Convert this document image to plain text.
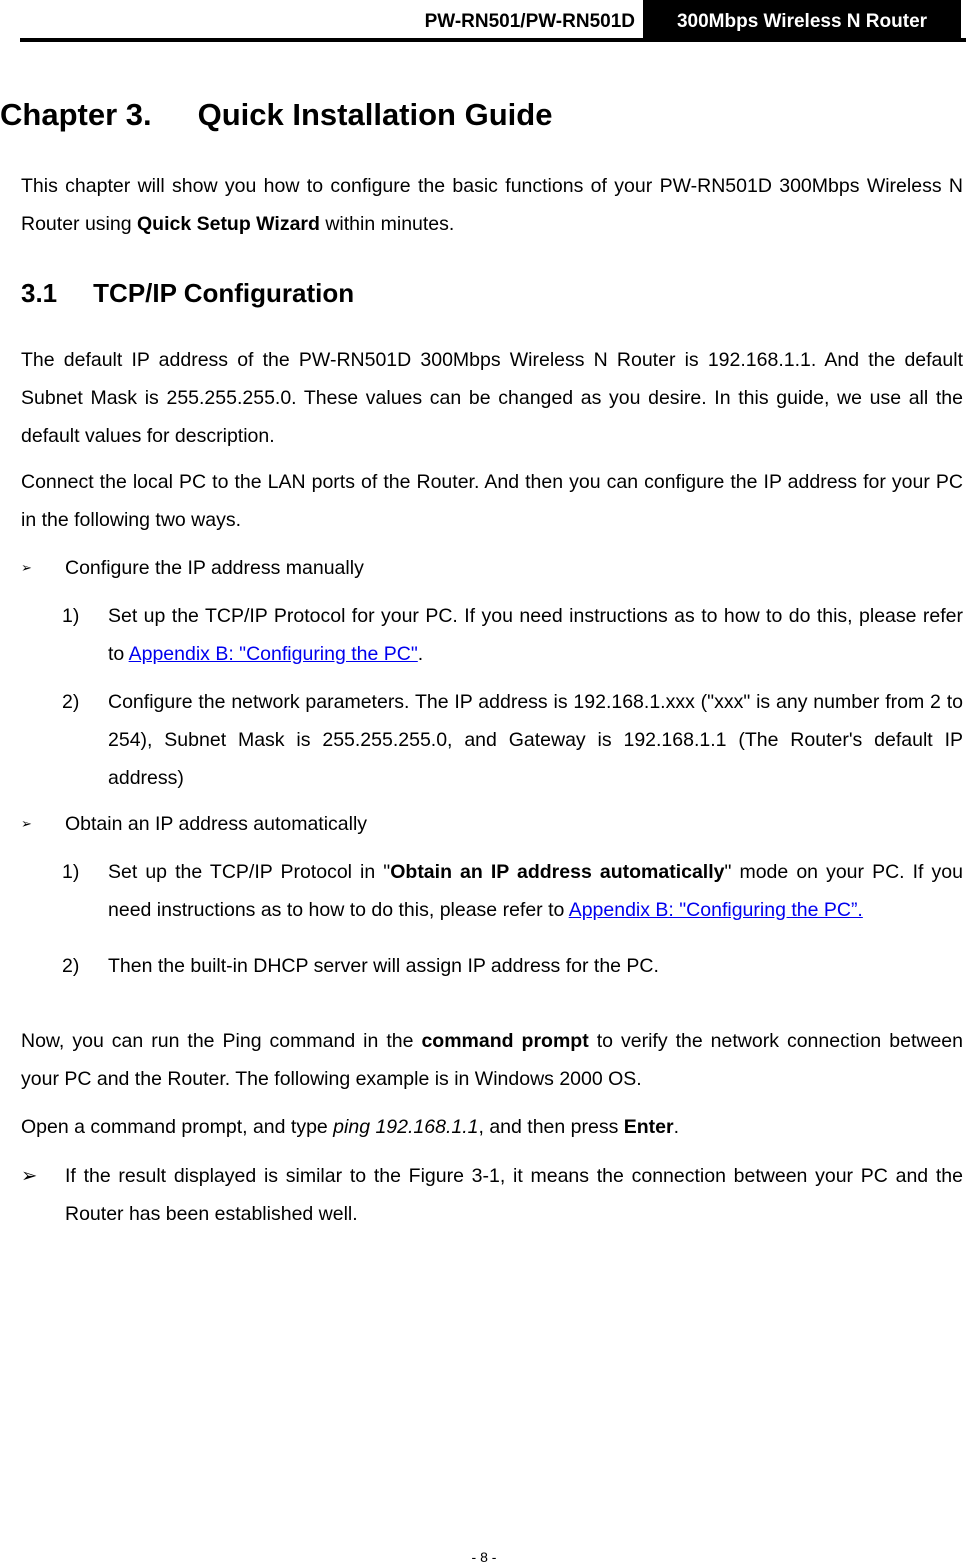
PW-RN501/PW-RN501D	300Mbps Wireless N Router
Chapter 3. Quick Installation Guide
This chapter will show you how to configure the basic functions of your PW-RN501D 300Mbps Wireless N Router using Quick Setup Wizard within minutes.
3.1 TCP/IP Configuration
The default IP address of the PW-RN501D 300Mbps Wireless N Router is 192.168.1.1. And the default Subnet Mask is 255.255.255.0. These values can be changed as you desire. In this guide, we use all the default values for description.
Connect the local PC to the LAN ports of the Router. And then you can configure the IP address for your PC in the following two ways.
➢	Configure the IP address manually
1) Set up the TCP/IP Protocol for your PC. If you need instructions as to how to do this, please refer to Appendix B: "Configuring the PC".
2) Configure the network parameters. The IP address is 192.168.1.xxx ("xxx" is any number from 2 to 254), Subnet Mask is 255.255.255.0, and Gateway is 192.168.1.1 (The Router's default IP address)
➢	Obtain an IP address automatically
1) Set up the TCP/IP Protocol in "Obtain an IP address automatically" mode on your PC. If you need instructions as to how to do this, please refer to Appendix B: "Configuring the PC”.
2) Then the built-in DHCP server will assign IP address for the PC.
Now, you can run the Ping command in the command prompt to verify the network connection between your PC and the Router. The following example is in Windows 2000 OS.
Open a command prompt, and type ping 192.168.1.1, and then press Enter.
➢	If the result displayed is similar to the Figure 3-1, it means the connection between your PC and the Router has been established well.
- 8 -
